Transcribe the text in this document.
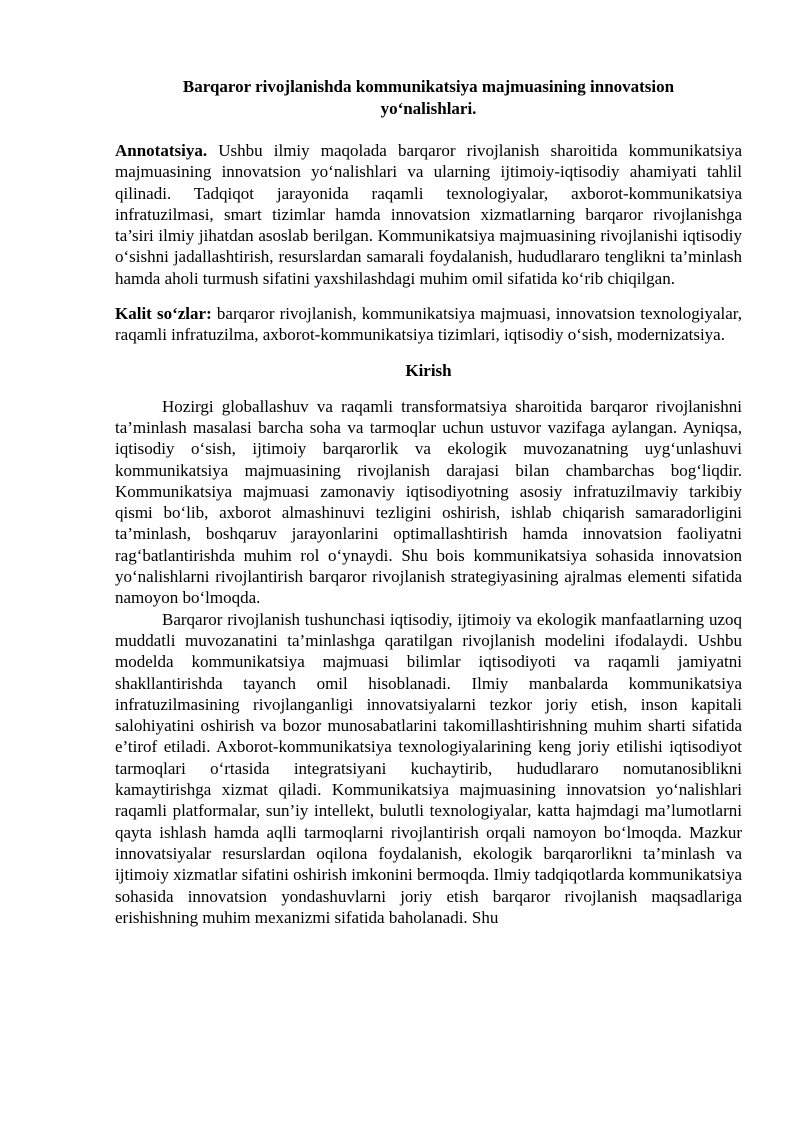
Barqaror rivojlanishda kommunikatsiya majmuasining innovatsion yo‘nalishlari.

Annotatsiya. Ushbu ilmiy maqolada barqaror rivojlanish sharoitida kommunikatsiya majmuasining innovatsion yo‘nalishlari va ularning ijtimoiy-iqtisodiy ahamiyati tahlil qilinadi. Tadqiqot jarayonida raqamli texnologiyalar, axborot-kommunikatsiya infratuzilmasi, smart tizimlar hamda innovatsion xizmatlarning barqaror rivojlanishga ta’siri ilmiy jihatdan asoslab berilgan. Kommunikatsiya majmuasining rivojlanishi iqtisodiy o‘sishni jadallashtirish, resurslardan samarali foydalanish, hududlararo tenglikni ta’minlash hamda aholi turmush sifatini yaxshilashdagi muhim omil sifatida ko‘rib chiqilgan.

Kalit so‘zlar: barqaror rivojlanish, kommunikatsiya majmuasi, innovatsion texnologiyalar, raqamli infratuzilma, axborot-kommunikatsiya tizimlari, iqtisodiy o‘sish, modernizatsiya.

Kirish

Hozirgi globallashuv va raqamli transformatsiya sharoitida barqaror rivojlanishni ta’minlash masalasi barcha soha va tarmoqlar uchun ustuvor vazifaga aylangan. Ayniqsa, iqtisodiy o‘sish, ijtimoiy barqarorlik va ekologik muvozanatning uyg‘unlashuvi kommunikatsiya majmuasining rivojlanish darajasi bilan chambarchas bog‘liqdir. Kommunikatsiya majmuasi zamonaviy iqtisodiyotning asosiy infratuzilmaviy tarkibiy qismi bo‘lib, axborot almashinuvi tezligini oshirish, ishlab chiqarish samaradorligini ta’minlash, boshqaruv jarayonlarini optimallashtirish hamda innovatsion faoliyatni rag‘batlantirishda muhim rol o‘ynaydi. Shu bois kommunikatsiya sohasida innovatsion yo‘nalishlarni rivojlantirish barqaror rivojlanish strategiyasining ajralmas elementi sifatida namoyon bo‘lmoqda.

Barqaror rivojlanish tushunchasi iqtisodiy, ijtimoiy va ekologik manfaatlarning uzoq muddatli muvozanatini ta’minlashga qaratilgan rivojlanish modelini ifodalaydi. Ushbu modelda kommunikatsiya majmuasi bilimlar iqtisodiyoti va raqamli jamiyatni shakllantirishda tayanch omil hisoblanadi. Ilmiy manbalarda kommunikatsiya infratuzilmasining rivojlanganligi innovatsiyalarni tezkor joriy etish, inson kapitali salohiyatini oshirish va bozor munosabatlarini takomillashtirishning muhim sharti sifatida e’tirof etiladi. Axborot-kommunikatsiya texnologiyalarining keng joriy etilishi iqtisodiyot tarmoqlari o‘rtasida integratsiyani kuchaytirib, hududlararo nomutanosiblikni kamaytirishga xizmat qiladi. Kommunikatsiya majmuasining innovatsion yo‘nalishlari raqamli platformalar, sun’iy intellekt, bulutli texnologiyalar, katta hajmdagi ma’lumotlarni qayta ishlash hamda aqlli tarmoqlarni rivojlantirish orqali namoyon bo‘lmoqda. Mazkur innovatsiyalar resurslardan oqilona foydalanish, ekologik barqarorlikni ta’minlash va ijtimoiy xizmatlar sifatini oshirish imkonini bermoqda. Ilmiy tadqiqotlarda kommunikatsiya sohasida innovatsion yondashuvlarni joriy etish barqaror rivojlanish maqsadlariga erishishning muhim mexanizmi sifatida baholanadi. Shu
